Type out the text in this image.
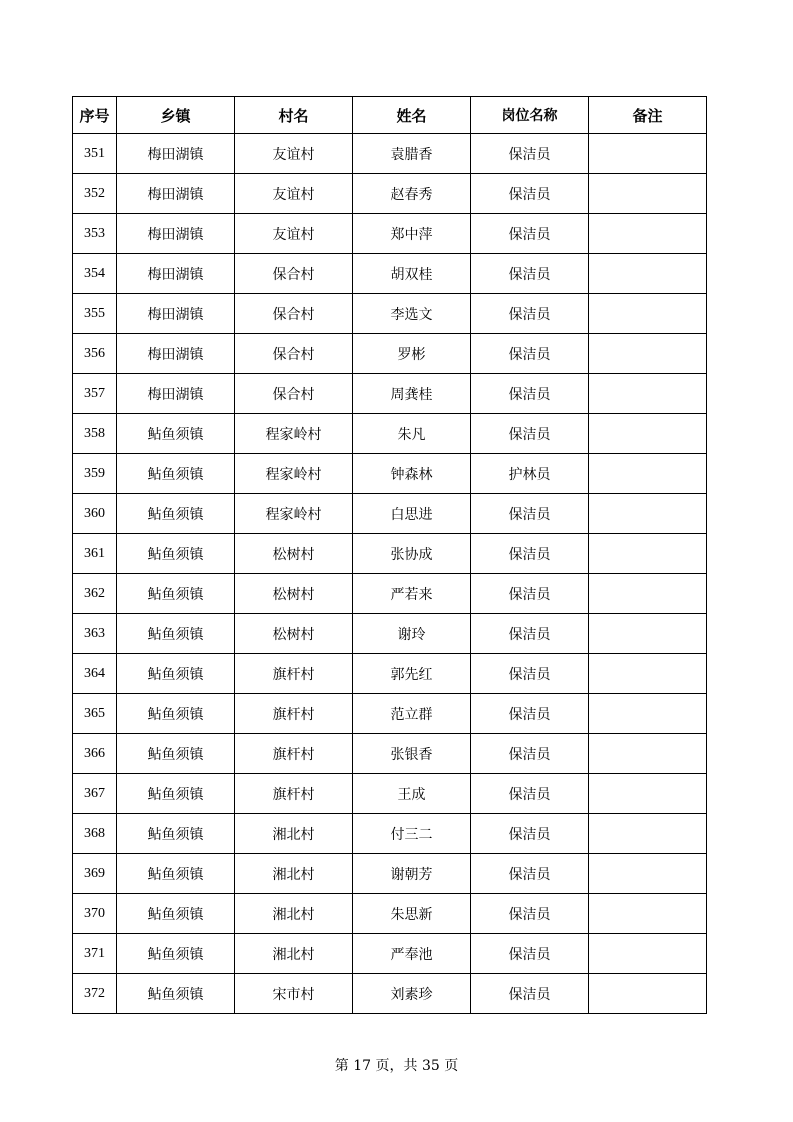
序号	乡镇	村名	姓名	岗位名称	备注
351	梅田湖镇	友谊村	袁腊香	保洁员	
352	梅田湖镇	友谊村	赵春秀	保洁员	
353	梅田湖镇	友谊村	郑中萍	保洁员	
354	梅田湖镇	保合村	胡双桂	保洁员	
355	梅田湖镇	保合村	李选文	保洁员	
356	梅田湖镇	保合村	罗彬	保洁员	
357	梅田湖镇	保合村	周龚桂	保洁员	
358	鲇鱼须镇	程家岭村	朱凡	保洁员	
359	鲇鱼须镇	程家岭村	钟森林	护林员	
360	鲇鱼须镇	程家岭村	白思进	保洁员	
361	鲇鱼须镇	松树村	张协成	保洁员	
362	鲇鱼须镇	松树村	严若来	保洁员	
363	鲇鱼须镇	松树村	谢玲	保洁员	
364	鲇鱼须镇	旗杆村	郭先红	保洁员	
365	鲇鱼须镇	旗杆村	范立群	保洁员	
366	鲇鱼须镇	旗杆村	张银香	保洁员	
367	鲇鱼须镇	旗杆村	王成	保洁员	
368	鲇鱼须镇	湘北村	付三二	保洁员	
369	鲇鱼须镇	湘北村	谢朝芳	保洁员	
370	鲇鱼须镇	湘北村	朱思新	保洁员	
371	鲇鱼须镇	湘北村	严奉池	保洁员	
372	鲇鱼须镇	宋市村	刘素珍	保洁员	
第 17 页，共 35 页
